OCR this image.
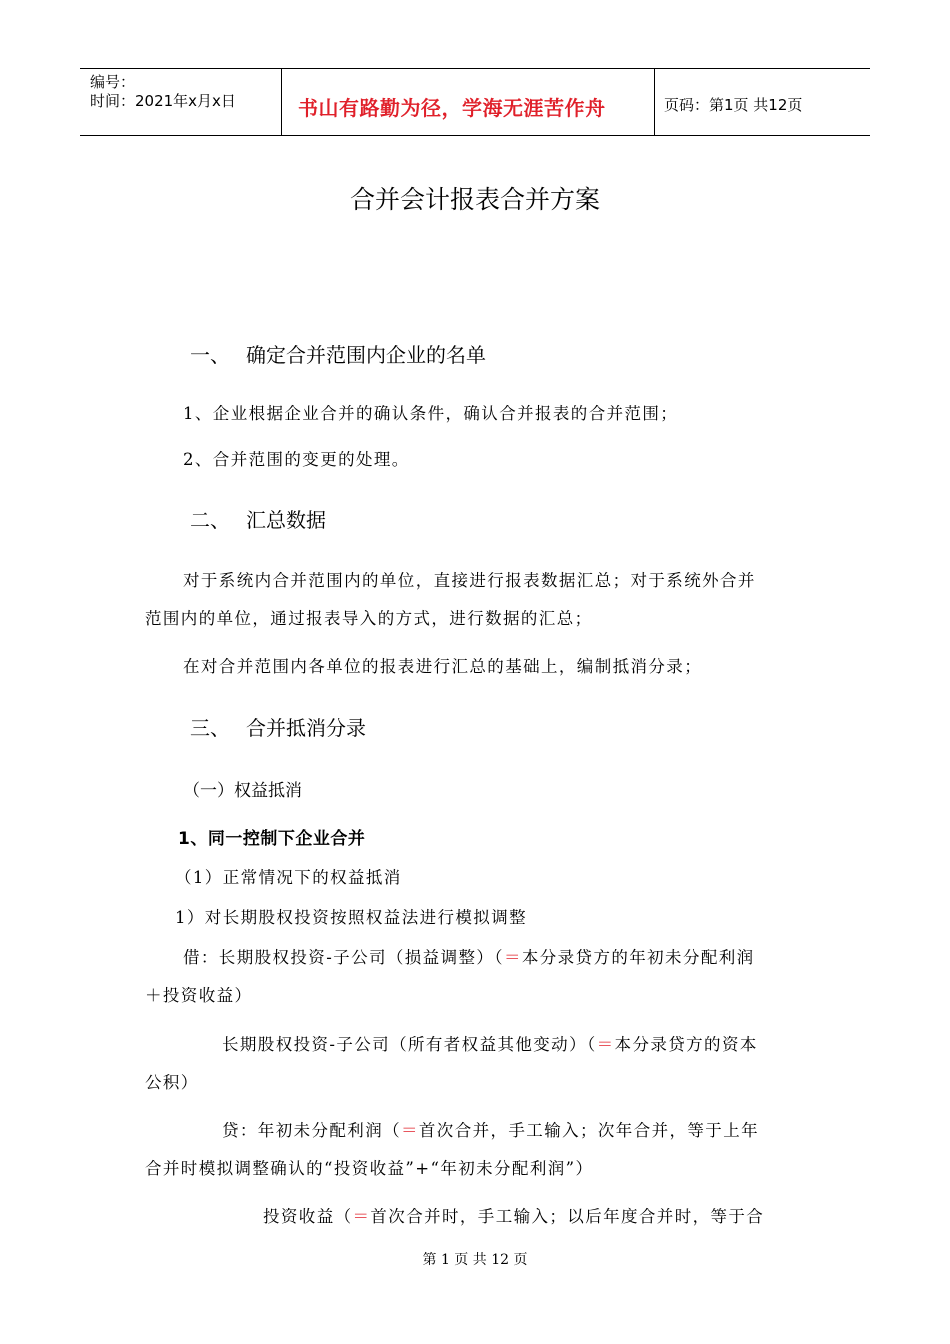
编号：
时间：2021年x月x日	书山有路勤为径，学海无涯苦作舟	页码：第1页 共12页
合并会计报表合并方案
一、 确定合并范围内企业的名单
1、企业根据企业合并的确认条件，确认合并报表的合并范围；
2、合并范围的变更的处理。
二、 汇总数据
对于系统内合并范围内的单位，直接进行报表数据汇总；对于系统外合并
范围内的单位，通过报表导入的方式，进行数据的汇总；
在对合并范围内各单位的报表进行汇总的基础上，编制抵消分录；
三、 合并抵消分录
（一）权益抵消
1、同一控制下企业合并
（1）正常情况下的权益抵消
1）对长期股权投资按照权益法进行模拟调整
借：长期股权投资-子公司（损益调整）（＝本分录贷方的年初未分配利润
＋投资收益）
长期股权投资-子公司（所有者权益其他变动）（＝本分录贷方的资本
公积）
贷：年初未分配利润（＝首次合并，手工输入；次年合并，等于上年
合并时模拟调整确认的“投资收益”+“年初未分配利润”）
投资收益（＝首次合并时，手工输入；以后年度合并时，等于合
第 1 页 共 12 页
